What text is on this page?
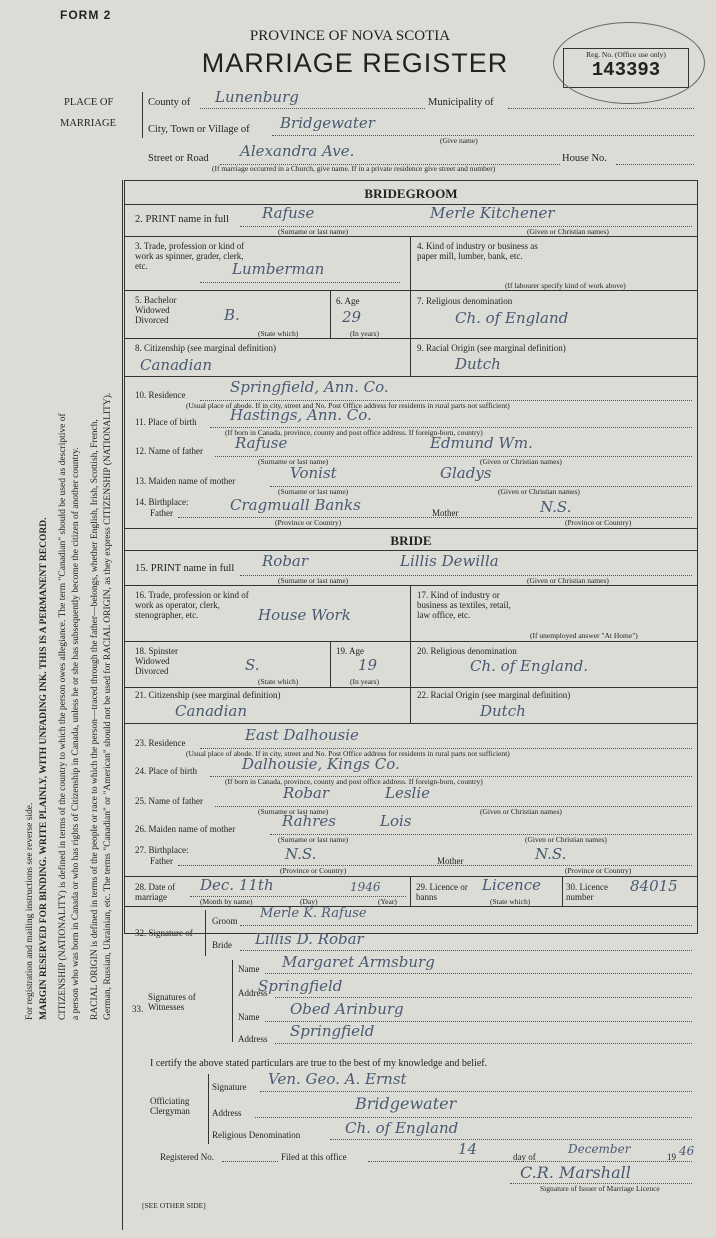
FORM 2
PROVINCE OF NOVA SCOTIA
MARRIAGE REGISTER	Reg. No. (Office use only)
143393
PLACE OF
MARRIAGE
County of Lunenburg	Municipality of
City, Town or Village of Bridgewater
(Give name)
Street or Road Alexandra Ave.	House No.
(If marriage occurred in a Church, give name. If in a private residence give street and number)
For registration and mailing instructions see reverse side. MARGIN RESERVED FOR BINDING. WRITE PLAINLY, WITH UNFADING INK. THIS IS A PERMANENT RECORD. CITIZENSHIP (NATIONALITY) is defined in terms of the country to which the person owes allegiance. The term "Canadian" should be used as descriptive of a person who was born in Canada or who has rights of Citizenship in Canada, unless he or she has subsequently become the citizen of another country. RACIAL ORIGIN is defined in terms of the people or race to which the person—traced through the father—belongs, whether English, Irish, Scottish, French, German, Russian, Ukrainian, etc. The terms "Canadian" or "American" should not be used for RACIAL ORIGIN, as they express CITIZENSHIP (NATIONALITY).
BRIDEGROOM
2. PRINT name in full Rafuse	Merle Kitchener
(Surname or last name)	(Given or Christian names)
3. Trade, profession or kind of work as spinner, grader, clerk, etc.	Lumberman
4. Kind of industry or business as paper mill, lumber, bank, etc.
(If labourer specify kind of work above)
5. Bachelor Widowed Divorced	B.
(State which)
6. Age
29
(In years)
7. Religious denomination
Ch. of England
8. Citizenship (see marginal definition)
Canadian
9. Racial Origin (see marginal definition)
Dutch
10. Residence	Springfield, Ann. Co.
(Usual place of abode. If in city, street and No. Post Office address for residents in rural parts not sufficient)
11. Place of birth Hastings, Ann. Co.
(If born in Canada, province, county and post office address. If foreign-born, country)
12. Name of father Rafuse	Edmund Wm.
(Surname or last name)	(Given or Christian names)
13. Maiden name of mother	Vonist	Gladys
(Surname or last name)	(Given or Christian names)
14. Birthplace:
Father	Cragmuall Banks	Mother	N.S.
(Province or Country)	(Province or Country)
BRIDE
15. PRINT name in full Robar	Lillis Dewilla
(Surname or last name)	(Given or Christian names)
16. Trade, profession or kind of work as operator, clerk, stenographer, etc.	House Work
17. Kind of industry or business as textiles, retail, law office, etc.
(If unemployed answer "At Home")
18. Spinster Widowed Divorced	S.
(State which)
19. Age
19
(In years)
20. Religious denomination
Ch. of England.
21. Citizenship (see marginal definition)
Canadian
22. Racial Origin (see marginal definition)
Dutch
23. Residence	East Dalhousie
(Usual place of abode. If in city, street and No. Post Office address for residents in rural parts not sufficient)
24. Place of birth	Dalhousie, Kings Co.
(If born in Canada, province, county and post office address. If foreign-born, country)
25. Name of father	Robar	Leslie
(Surname or last name)	(Given or Christian names)
26. Maiden name of mother	Rahres	Lois
(Surname or last name)	(Given or Christian names)
27. Birthplace:
Father	N.S.	Mother	N.S.
(Province or Country)	(Province or Country)
28. Date of marriage
Dec. 11th	1946
(Month by name)	(Day)	(Year)
29. Licence or banns
Licence
(State which)
30. Licence number
84015
32. Signature of
Groom Merle K. Rafuse
Bride Lillis D. Robar
Signatures of Witnesses
33.
Name Margaret Armsburg
Address
Springfield
Name Obed Arinburg
Address Springfield
I certify the above stated particulars are true to the best of my knowledge and belief.
Officiating Clergyman
Signature Ven. Geo. A. Ernst
Address	Bridgewater
Religious Denomination	Ch. of England
Registered No.	Filed at this office	14	day of
December
19 46
C.R. Marshall
Signature of Issuer of Marriage Licence
[SEE OTHER SIDE]
